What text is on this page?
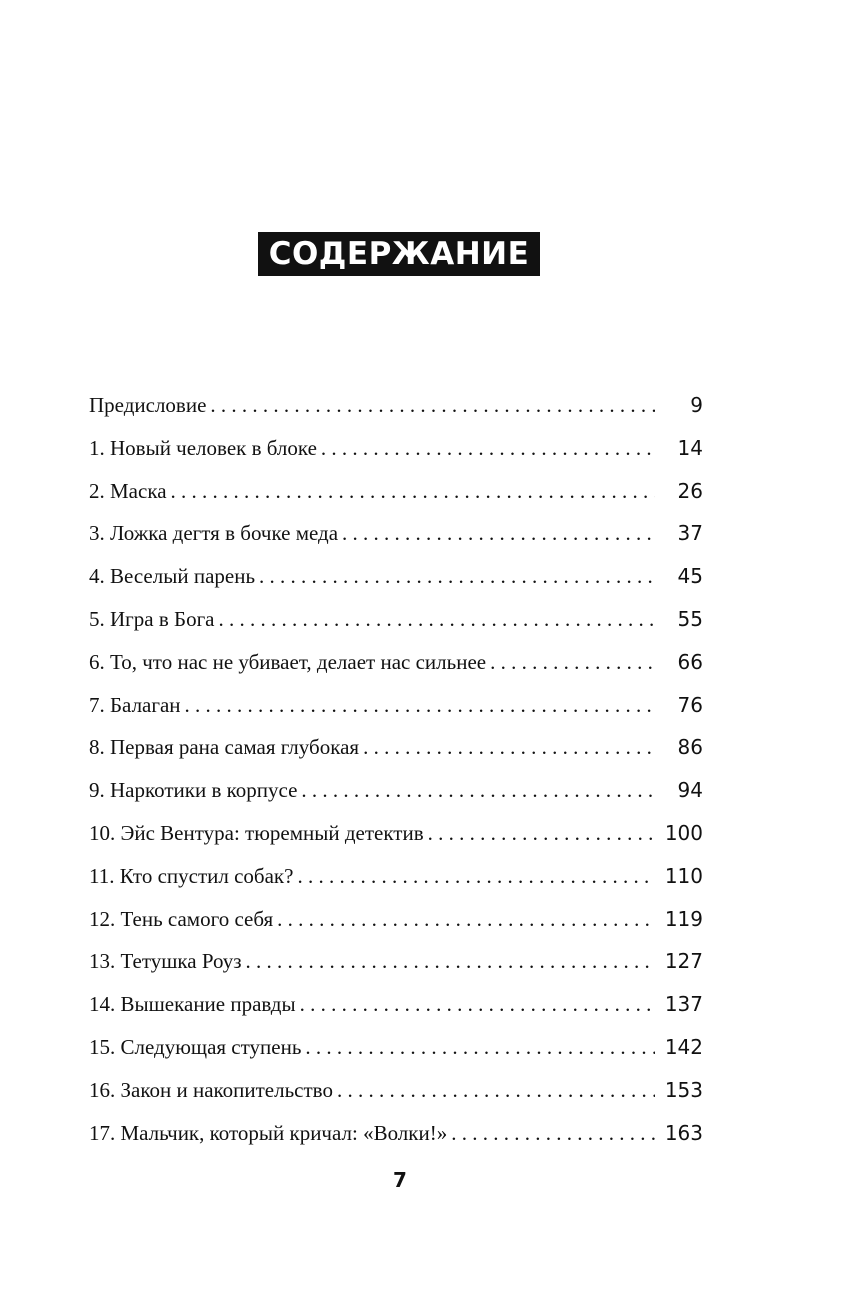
СОДЕРЖАНИЕ
Предисловие . . .	9
1. Новый человек в блоке . . .	14
2. Маска . . .	26
3. Ложка дегтя в бочке меда . . .	37
4. Веселый парень . . .	45
5. Игра в Бога . . .	55
6. То, что нас не убивает, делает нас сильнее . . .	66
7. Балаган . . .	76
8. Первая рана самая глубокая . . .	86
9. Наркотики в корпусе . . .	94
10. Эйс Вентура: тюремный детектив . . .	100
11. Кто спустил собак? . . .	110
12. Тень самого себя . . .	119
13. Тетушка Роуз . . .	127
14. Вышекание правды . . .	137
15. Следующая ступень . . .	142
16. Закон и накопительство . . .	153
17. Мальчик, который кричал: «Волки!» . . .	163
7
